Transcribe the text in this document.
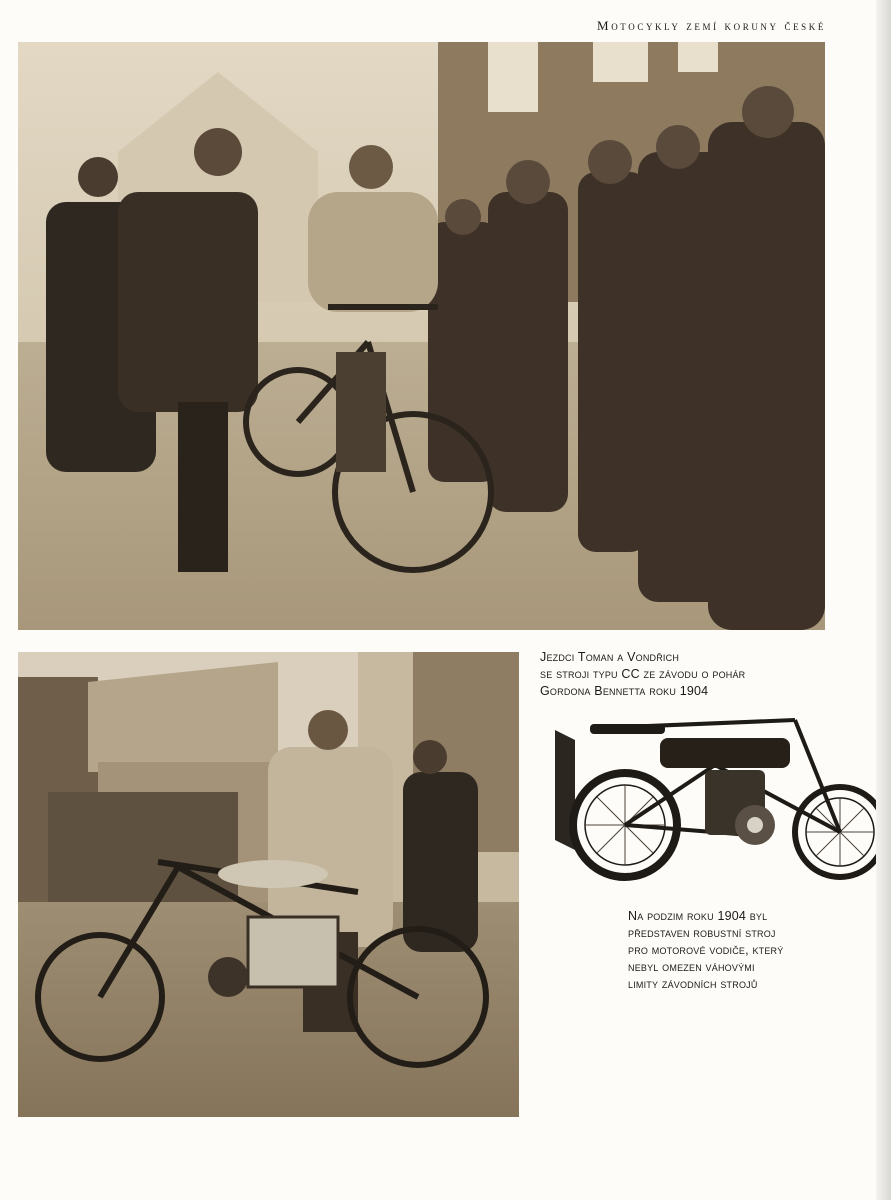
Motocykly zemí koruny české
Jezdci Toman a Vondřich
se stroji typu CC ze závodu o pohár
Gordona Bennetta roku 1904
Na podzim roku 1904 byl
představen robustní stroj
pro motorové vodiče, který
nebyl omezen váhovými
limity závodních strojů
